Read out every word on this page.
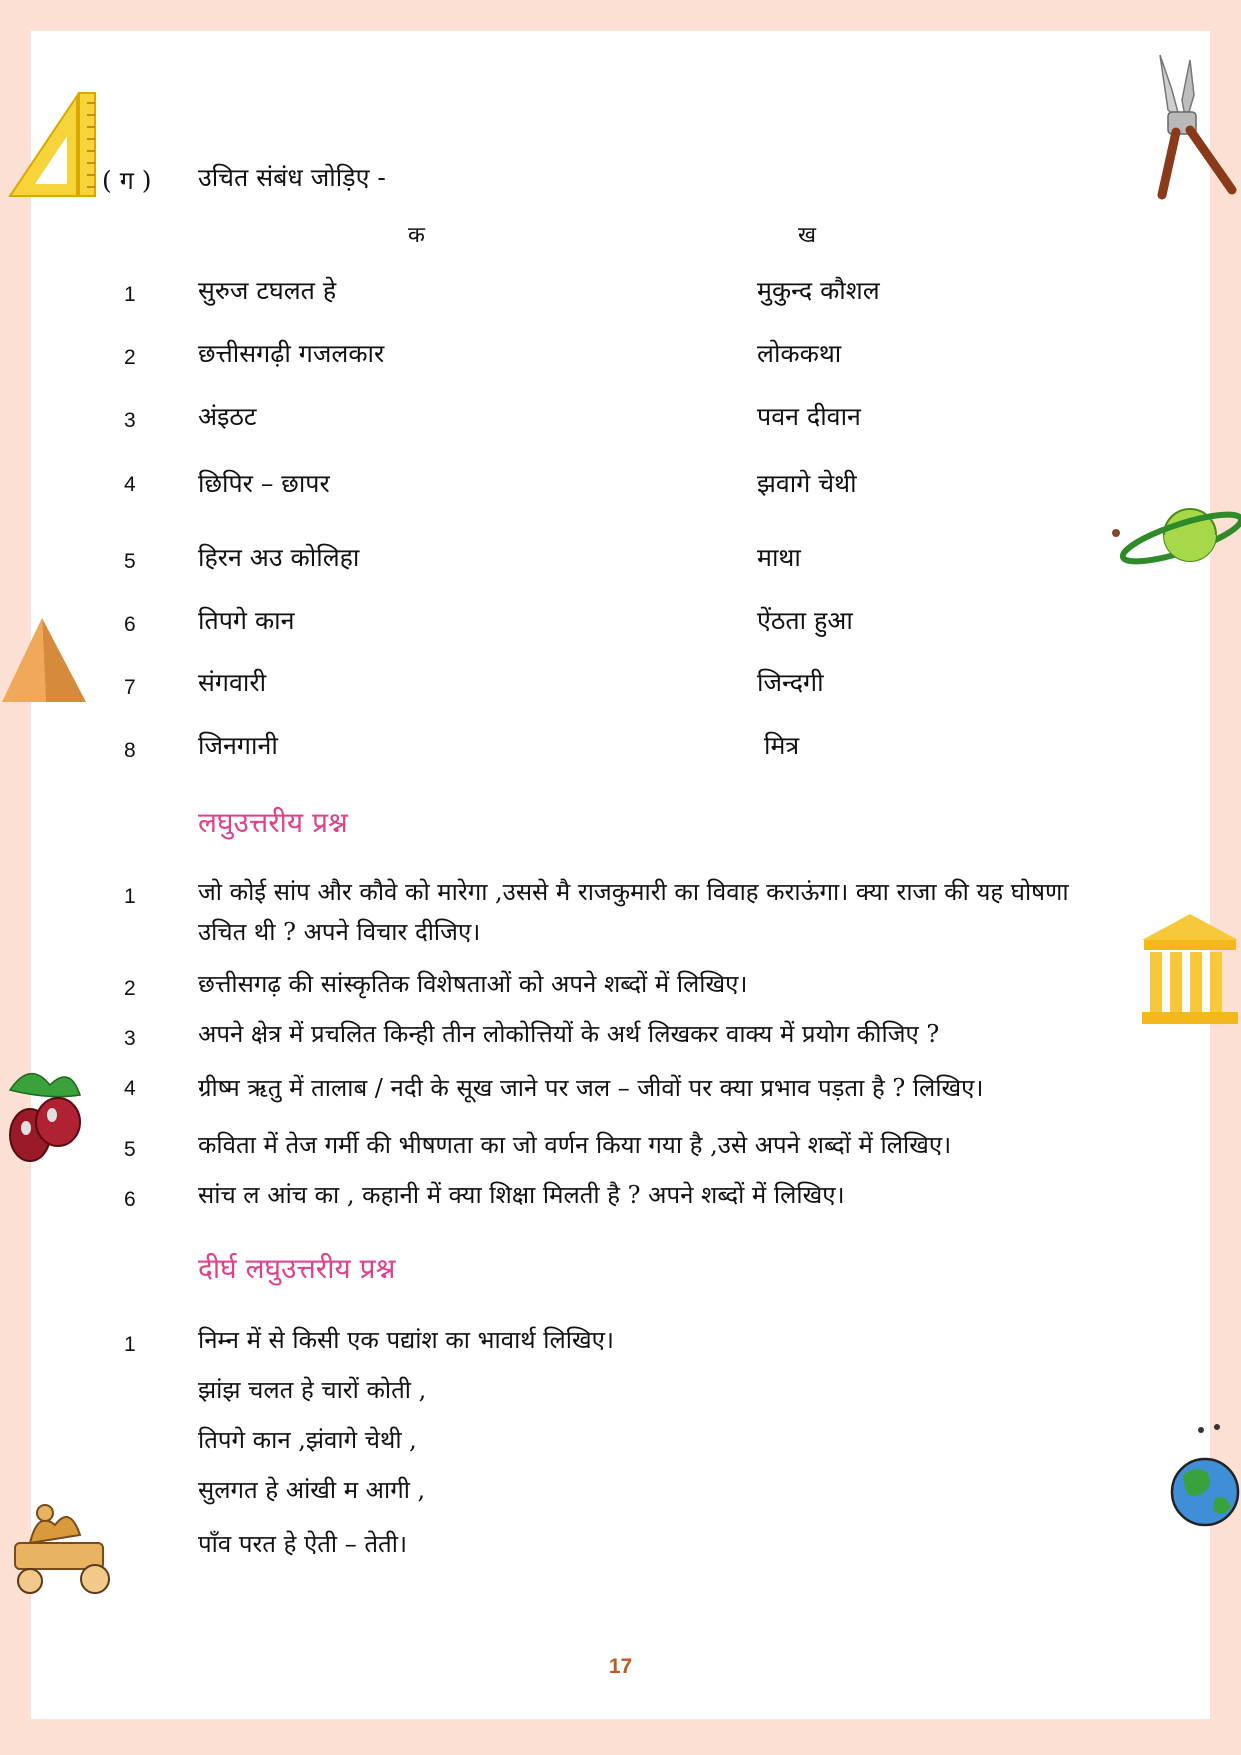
( ग ) उचित संबंध जोड़िए -
क	ख
1 सुरुज टघलत हे	मुकुन्द कौशल
2 छत्तीसगढ़ी गजलकार	लोककथा
3 अंइठट	पवन दीवान
4 छिपिर – छापर	झवागे चेथी
5 हिरन अउ कोलिहा	माथा
6 तिपगे कान	ऐंठता हुआ
7 संगवारी	जिन्दगी
8 जिनगानी	मित्र
लघुउत्तरीय प्रश्न
1	जो कोई सांप और कौवे को मारेगा ,उससे मै राजकुमारी का विवाह कराऊंगा। क्या राजा की यह घोषणा
उचित थी ? अपने विचार दीजिए।
2	छत्तीसगढ़ की सांस्कृतिक विशेषताओं को अपने शब्दों में लिखिए।
3	अपने क्षेत्र में प्रचलित किन्ही तीन लोकोत्तियों के अर्थ लिखकर वाक्य में प्रयोग कीजिए ?
4	ग्रीष्म ऋतु में तालाब / नदी के सूख जाने पर जल – जीवों पर क्या प्रभाव पड़ता है ? लिखिए।
5	कविता में तेज गर्मी की भीषणता का जो वर्णन किया गया है ,उसे अपने शब्दों में लिखिए।
6	सांच ल आंच का , कहानी में क्या शिक्षा मिलती है ? अपने शब्दों में लिखिए।
दीर्घ लघुउत्तरीय प्रश्न
1	निम्न में से किसी एक पद्यांश का भावार्थ लिखिए।
झांझ चलत हे चारों कोती ,
तिपगे कान ,झंवागे चेथी ,
सुलगत हे आंखी म आगी ,
पाँव परत हे ऐती – तेती।
17
